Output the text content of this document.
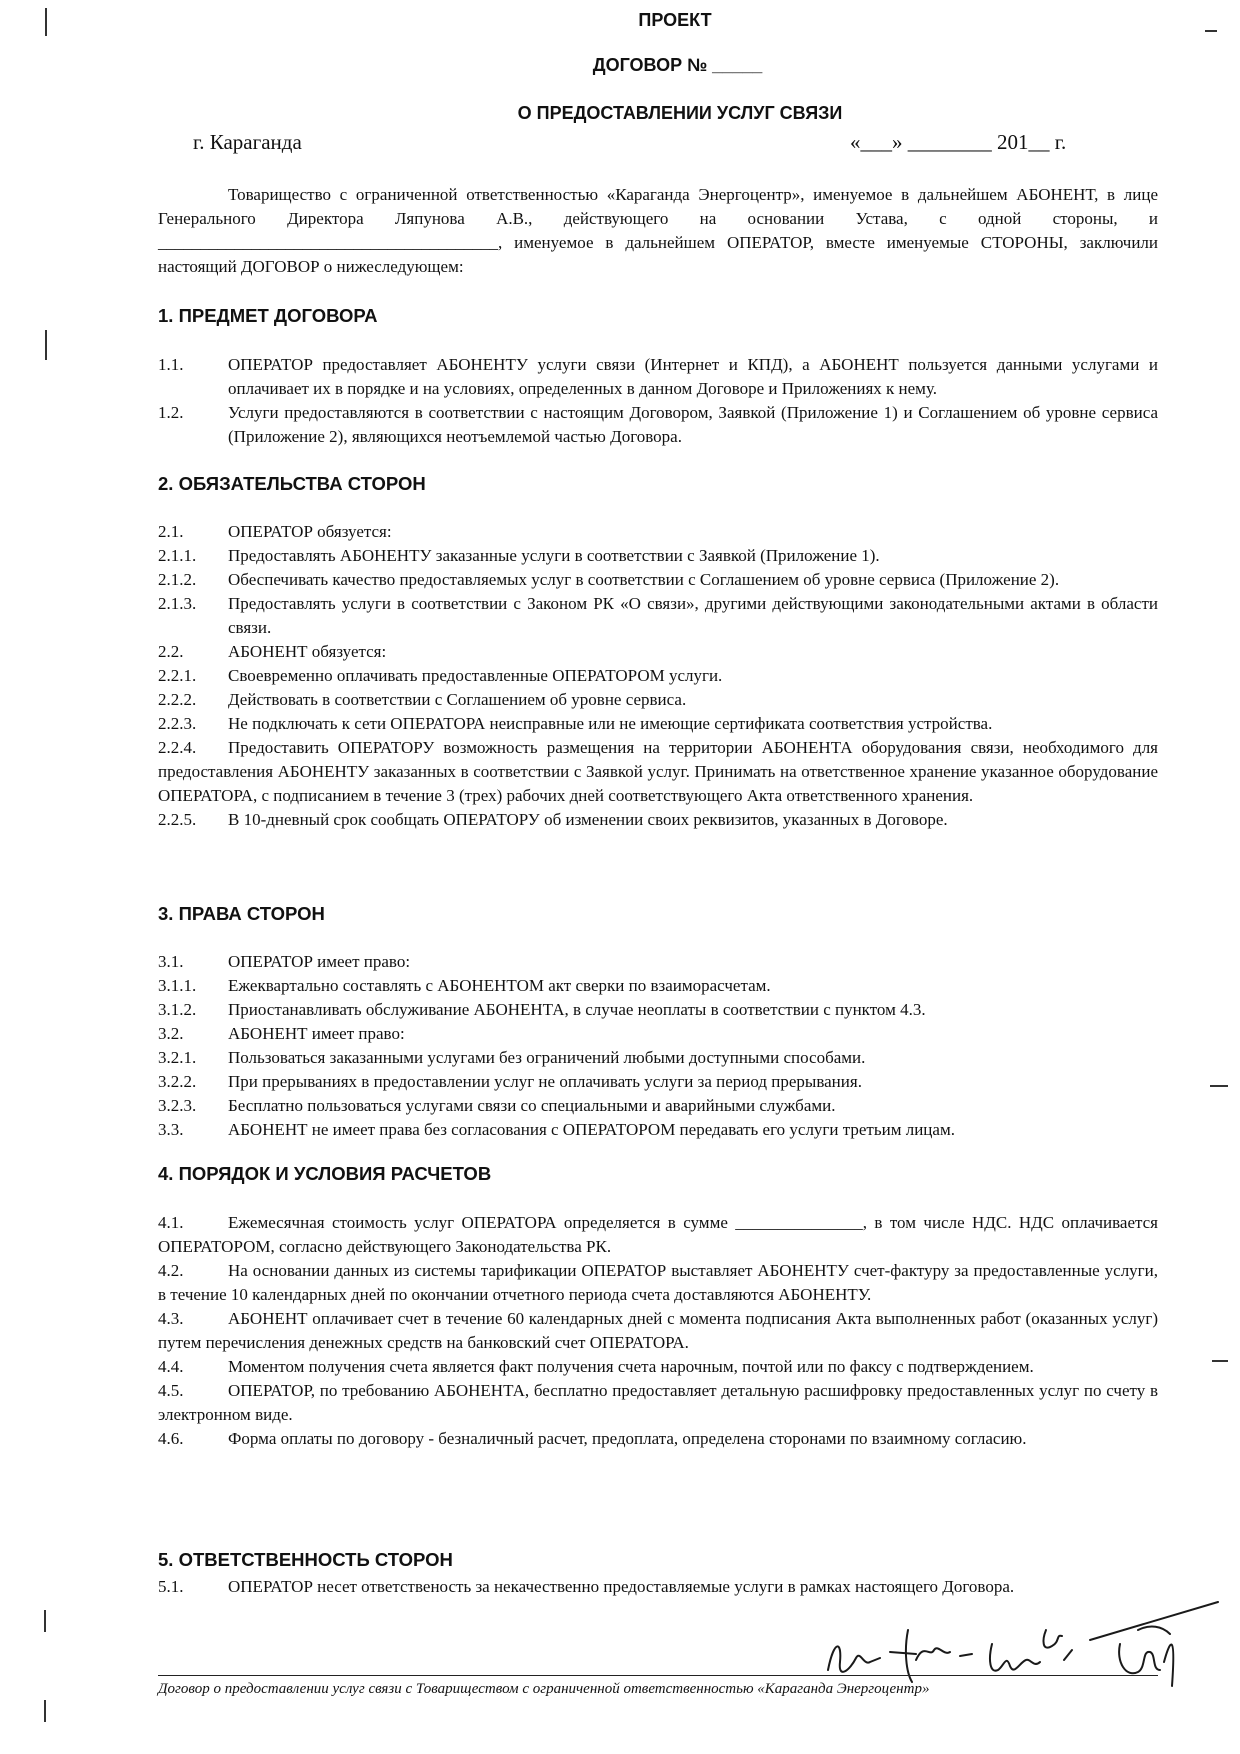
ПРОЕКТ
ДОГОВОР № _____
О ПРЕДОСТАВЛЕНИИ УСЛУГ СВЯЗИ
г. Караганда	«___» ________ 201__ г.

Товарищество с ограниченной ответственностью «Караганда Энергоцентр», именуемое в дальнейшем АБОНЕНТ, в лице Генерального Директора Ляпунова А.В., действующего на основании Устава, с одной стороны, и ________________________________________, именуемое в дальнейшем ОПЕРАТОР, вместе именуемые СТОРОНЫ, заключили настоящий ДОГОВОР о нижеследующем:

1. ПРЕДМЕТ ДОГОВОРА
2. ОБЯЗАТЕЛЬСТВА СТОРОН
3. ПРАВА СТОРОН
4. ПОРЯДОК И УСЛОВИЯ РАСЧЕТОВ
5. ОТВЕТСТВЕННОСТЬ СТОРОН
1.1.	ОПЕРАТОР предоставляет АБОНЕНТУ услуги связи (Интернет и КПД), а АБОНЕНТ пользуется данными услугами и оплачивает их в порядке и на условиях, определенных в данном Договоре и Приложениях к нему.
1.2.	Услуги предоставляются в соответствии с настоящим Договором, Заявкой (Приложение 1) и Соглашением об уровне сервиса (Приложение 2), являющихся неотъемлемой частью Договора.
2.1.	ОПЕРАТОР обязуется:
2.1.1.	Предоставлять АБОНЕНТУ заказанные услуги в соответствии с Заявкой (Приложение 1).
2.1.2.	Обеспечивать качество предоставляемых услуг в соответствии с Соглашением об уровне сервиса (Приложение 2).
2.1.3.	Предоставлять услуги в соответствии с Законом РК «О связи», другими действующими законодательными актами в области связи.
2.2.	АБОНЕНТ обязуется:
2.2.1.	Своевременно оплачивать предоставленные ОПЕРАТОРОМ услуги.
2.2.2.	Действовать в соответствии с Соглашением об уровне сервиса.
2.2.3.	Не подключать к сети ОПЕРАТОРА неисправные или не имеющие сертификата соответствия устройства.
2.2.4. Предоставить ОПЕРАТОРУ возможность размещения на территории АБОНЕНТА оборудования связи, необходимого для предоставления АБОНЕНТУ заказанных в соответствии с Заявкой услуг. Принимать на ответственное хранение указанное оборудование ОПЕРАТОРА, с подписанием в течение 3 (трех) рабочих дней соответствующего Акта ответственного хранения.
2.2.5.	В 10-дневный срок сообщать ОПЕРАТОРУ об изменении своих реквизитов, указанных в Договоре.
3.1.	ОПЕРАТОР имеет право:
3.1.1.	Ежеквартально составлять с АБОНЕНТОМ акт сверки по взаиморасчетам.
3.1.2.	Приостанавливать обслуживание АБОНЕНТА, в случае неоплаты в соответствии с пунктом 4.3.
3.2.	АБОНЕНТ имеет право:
3.2.1.	Пользоваться заказанными услугами без ограничений любыми доступными способами.
3.2.2.	При прерываниях в предоставлении услуг не оплачивать услуги за период прерывания.
3.2.3.	Бесплатно пользоваться услугами связи со специальными и аварийными службами.
3.3.	АБОНЕНТ не имеет права без согласования с ОПЕРАТОРОМ передавать его услуги третьим лицам.
4.1.	Ежемесячная стоимость услуг ОПЕРАТОРА определяется в сумме _______________, в том числе НДС. НДС оплачивается ОПЕРАТОРОМ, согласно действующего Законодательства РК.
4.2.	На основании данных из системы тарификации ОПЕРАТОР выставляет АБОНЕНТУ счет-фактуру за предоставленные услуги, в течение 10 календарных дней по окончании отчетного периода счета доставляются АБОНЕНТУ.
4.3.	АБОНЕНТ оплачивает счет в течение 60 календарных дней с момента подписания Акта выполненных работ (оказанных услуг) путем перечисления денежных средств на банковский счет ОПЕРАТОРА.
4.4.	Моментом получения счета является факт получения счета нарочным, почтой или по факсу с подтверждением.
4.5.	ОПЕРАТОР, по требованию АБОНЕНТА, бесплатно предоставляет детальную расшифровку предоставленных услуг по счету в электронном виде.
4.6.	Форма оплаты по договору - безналичный расчет, предоплата, определена сторонами по взаимному согласию.
5.1.	ОПЕРАТОР несет ответственость за некачественно предоставляемые услуги в рамках настоящего Договора.
Договор о предоставлении услуг связи с Товариществом с ограниченной ответственностью «Караганда Энергоцентр»
